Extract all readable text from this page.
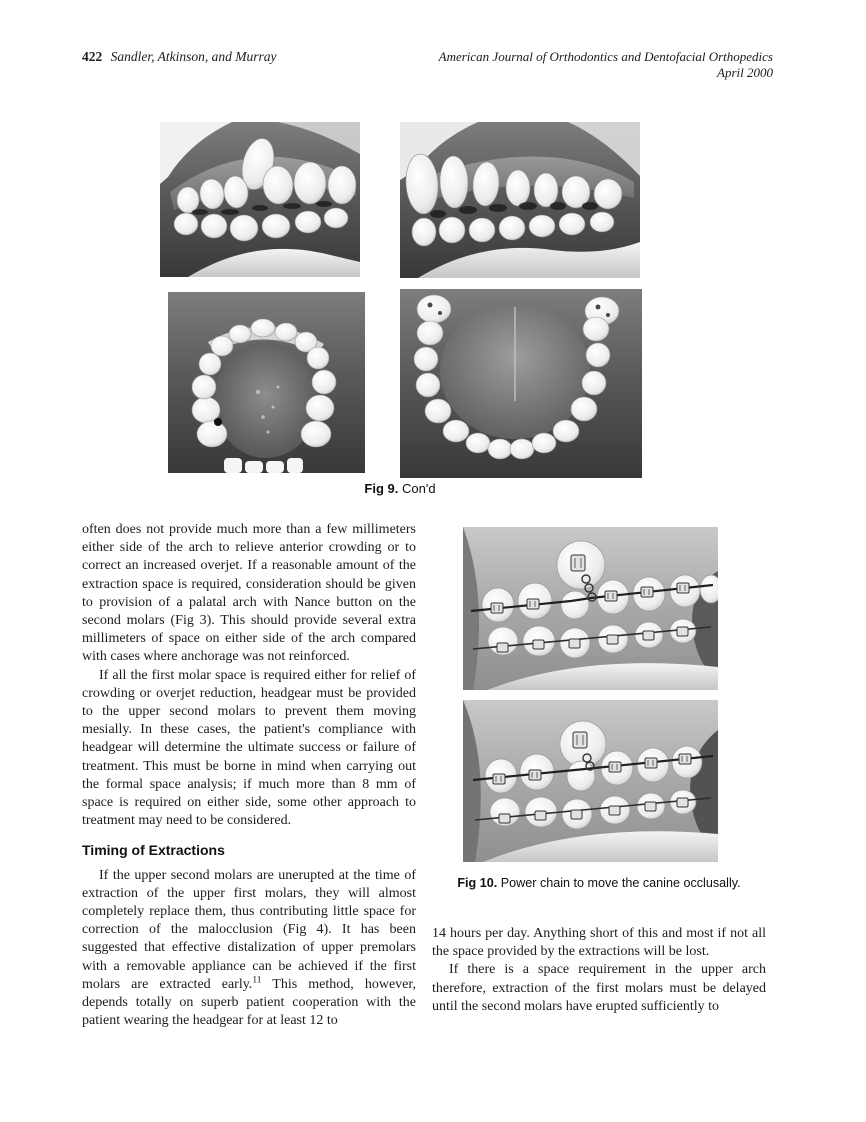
422 Sandler, Atkinson, and Murray	American Journal of Orthodontics and Dentofacial Orthopedics
April 2000
Fig 9. Con'd

often does not provide much more than a few millimeters either side of the arch to relieve anterior crowding or to correct an increased overjet. If a reasonable amount of the extraction space is required, consideration should be given to provision of a palatal arch with Nance button on the second molars (Fig 3). This should provide several extra millimeters of space on either side of the arch compared with cases where anchorage was not reinforced.

If all the first molar space is required either for relief of crowding or overjet reduction, headgear must be provided to the upper second molars to prevent them moving mesially. In these cases, the patient's compliance with headgear will determine the ultimate success or failure of treatment. This must be borne in mind when carrying out the formal space analysis; if much more than 8 mm of space is required on either side, some other approach to treatment may need to be considered.

Timing of Extractions

If the upper second molars are unerupted at the time of extraction of the upper first molars, they will almost completely replace them, thus contributing little space for correction of the malocclusion (Fig 4). It has been suggested that effective distalization of upper premolars with a removable appliance can be achieved if the first molars are extracted early.$^{11}$ This method, however, depends totally on superb patient cooperation with the patient wearing the headgear for at least 12 to

Fig 10. Power chain to move the canine occlusally.

14 hours per day. Anything short of this and most if not all the space provided by the extractions will be lost.

If there is a space requirement in the upper arch therefore, extraction of the first molars must be delayed until the second molars have erupted sufficiently to
